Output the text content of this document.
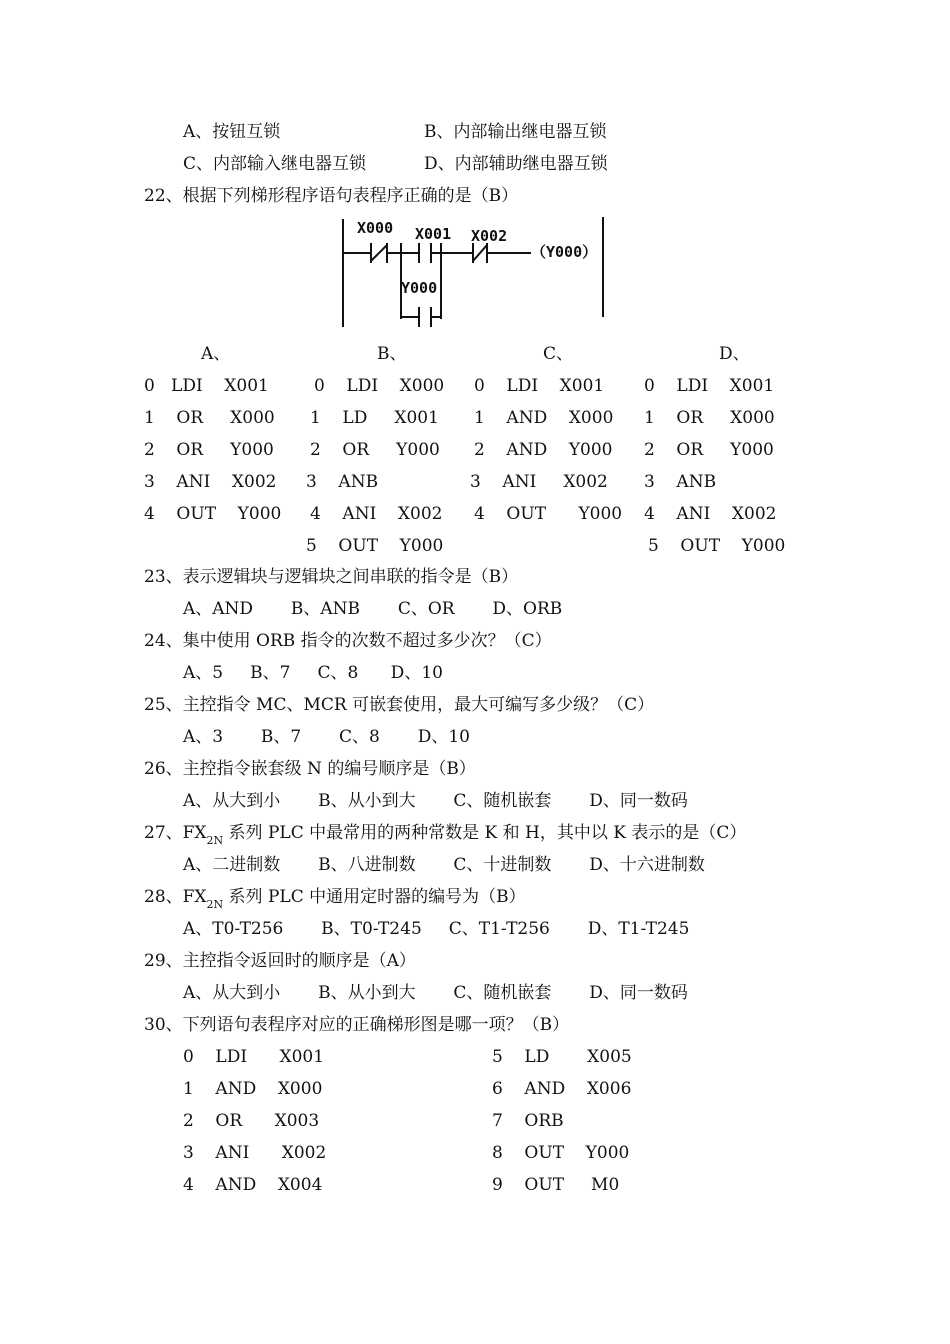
A、按钮互锁	B、内部输出继电器互锁
C、内部输入继电器互锁	D、内部辅助继电器互锁
22、根据下列梯形程序语句表程序正确的是（B）
X000 X001 X002
Y000
（Y000）
A、	B、	C、	D、
0   LDI    X001
1    OR     X000
2    OR     Y000
3    ANI    X002
4    OUT    Y000
0    LDI    X000
1    LD     X001
2    OR     Y000
3    ANB
4    ANI    X002
5    OUT    Y000
0    LDI    X001
1    AND    X000
2    AND    Y000
3    ANI     X002
4    OUT      Y000
0    LDI    X001
1    OR     X000
2    OR     Y000
3    ANB
4    ANI    X002
5    OUT    Y000
23、表示逻辑块与逻辑块之间串联的指令是（B）
A、AND       B、ANB       C、OR       D、ORB
24、集中使用 ORB 指令的次数不超过多少次？（C）
A、5     B、7     C、8      D、10
25、主控指令 MC、MCR 可嵌套使用，最大可编写多少级？（C）
A、3       B、7       C、8       D、10
26、主控指令嵌套级 N 的编号顺序是（B）
A、从大到小       B、从小到大       C、随机嵌套       D、同一数码
27、$FX_{2N}$ 系列 PLC 中最常用的两种常数是 K 和 H，其中以 K 表示的是（C）
A、二进制数       B、八进制数       C、十进制数       D、十六进制数
28、$FX_{2N}$ 系列 PLC 中通用定时器的编号为（B）
A、T0-T256       B、T0-T245     C、T1-T256       D、T1-T245
29、主控指令返回时的顺序是（A）
A、从大到小       B、从小到大       C、随机嵌套       D、同一数码
30、下列语句表程序对应的正确梯形图是哪一项？（B）
0    LDI      X001
1    AND    X000
2    OR      X003
3    ANI      X002
4    AND    X004
5    LD       X005
6    AND    X006
7    ORB
8    OUT    Y000
9    OUT     M0
